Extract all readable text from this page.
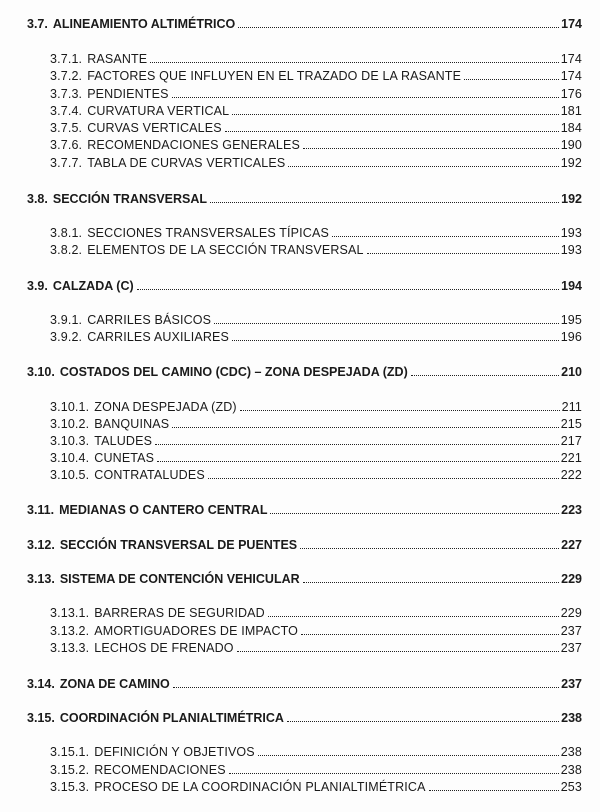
3.7. ALINEAMIENTO ALTIMÉTRICO	174
3.7.1. RASANTE	174
3.7.2. FACTORES QUE INFLUYEN EN EL TRAZADO DE LA RASANTE	174
3.7.3. PENDIENTES	176
3.7.4. CURVATURA VERTICAL	181
3.7.5. CURVAS VERTICALES	184
3.7.6. RECOMENDACIONES GENERALES	190
3.7.7. TABLA DE CURVAS VERTICALES	192
3.8. SECCIÓN TRANSVERSAL	192
3.8.1. SECCIONES TRANSVERSALES TÍPICAS	193
3.8.2. ELEMENTOS DE LA SECCIÓN TRANSVERSAL	193
3.9. CALZADA (C)	194
3.9.1. CARRILES BÁSICOS	195
3.9.2. CARRILES AUXILIARES	196
3.10. COSTADOS DEL CAMINO (CDC) – ZONA DESPEJADA (ZD)	210
3.10.1. ZONA DESPEJADA (ZD)	211
3.10.2. BANQUINAS	215
3.10.3. TALUDES	217
3.10.4. CUNETAS	221
3.10.5. CONTRATALUDES	222
3.11. MEDIANAS O CANTERO CENTRAL	223
3.12. SECCIÓN TRANSVERSAL DE PUENTES	227
3.13. SISTEMA DE CONTENCIÓN VEHICULAR	229
3.13.1. BARRERAS DE SEGURIDAD	229
3.13.2. AMORTIGUADORES DE IMPACTO	237
3.13.3. LECHOS DE FRENADO	237
3.14. ZONA DE CAMINO	237
3.15. COORDINACIÓN PLANIALTIMÉTRICA	238
3.15.1. DEFINICIÓN Y OBJETIVOS	238
3.15.2. RECOMENDACIONES	238
3.15.3. PROCESO DE LA COORDINACIÓN PLANIALTIMÉTRICA	253
